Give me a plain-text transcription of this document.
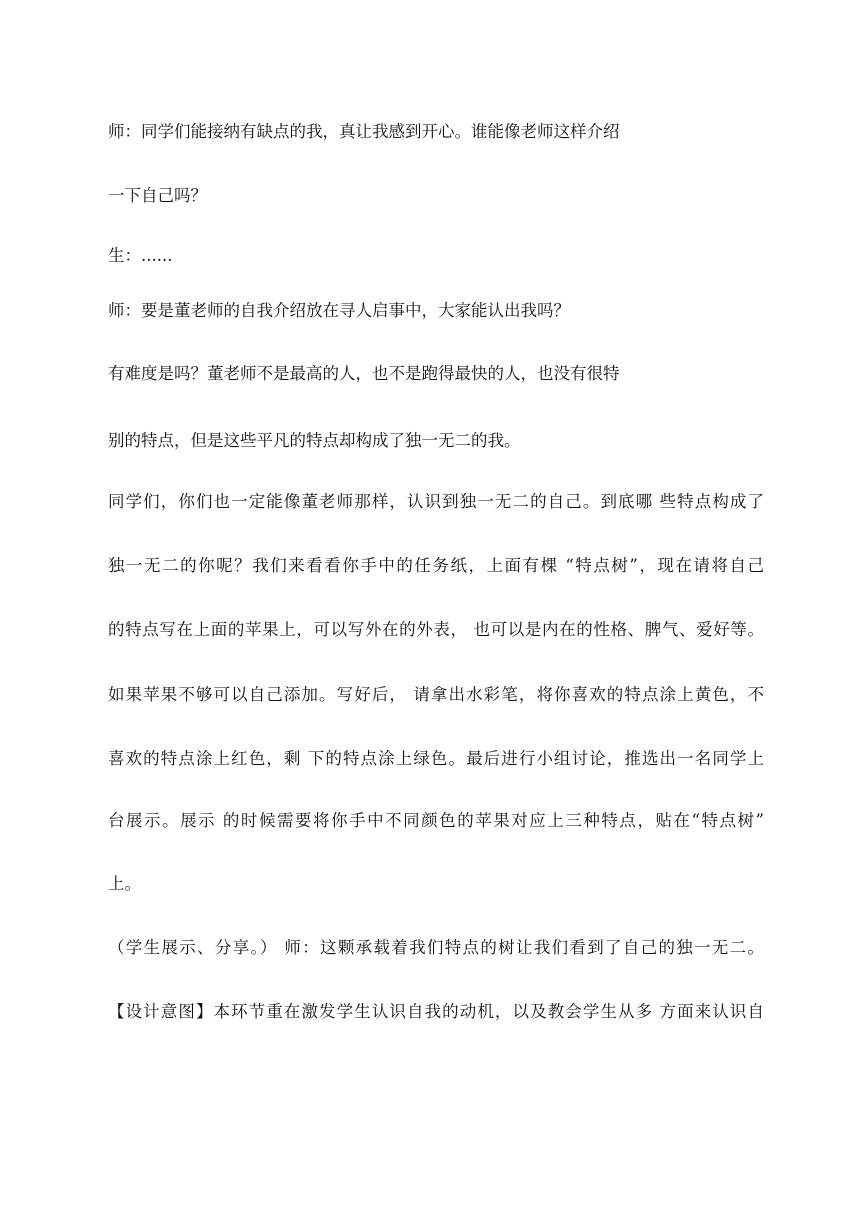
师：同学们能接纳有缺点的我，真让我感到开心。谁能像老师这样介绍
一下自己吗？
生：......
师：要是董老师的自我介绍放在寻人启事中，大家能认出我吗？
有难度是吗？董老师不是最高的人，也不是跑得最快的人，也没有很特
别的特点，但是这些平凡的特点却构成了独一无二的我。
同学们，你们也一定能像董老师那样，认识到独一无二的自己。到底哪 些特点构成了
独一无二的你呢？我们来看看你手中的任务纸，上面有棵 “特点树”，现在请将自己
的特点写在上面的苹果上，可以写外在的外表， 也可以是内在的性格、脾气、爱好等。
如果苹果不够可以自己添加。写好后， 请拿出水彩笔，将你喜欢的特点涂上黄色，不
喜欢的特点涂上红色，剩 下的特点涂上绿色。最后进行小组讨论，推选出一名同学上
台展示。展示 的时候需要将你手中不同颜色的苹果对应上三种特点，贴在“特点树”
上。
（学生展示、分享。） 师：这颗承载着我们特点的树让我们看到了自己的独一无二。
【设计意图】本环节重在激发学生认识自我的动机，以及教会学生从多 方面来认识自
